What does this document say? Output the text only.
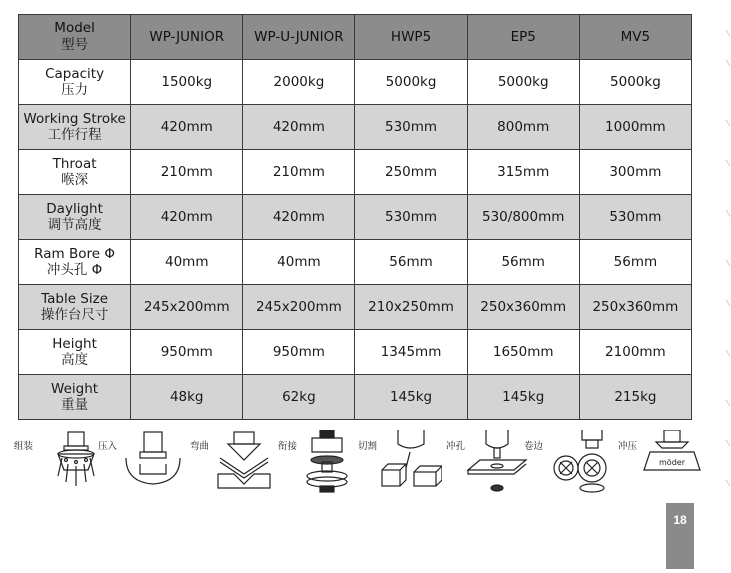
Model
型号	WP-JUNIOR	WP-U-JUNIOR	HWP5	EP5	MV5

Capacity
压力	1500kg	2000kg	5000kg	5000kg	5000kg

Working Stroke
工作行程	420mm	420mm	530mm	800mm	1000mm

Throat
喉深	210mm	210mm	250mm	315mm	300mm

Daylight
调节高度	420mm	420mm	530mm	530/800mm	530mm

Ram Bore Φ
冲头孔 Φ	40mm	40mm	56mm	56mm	56mm

Table Size
操作台尺寸	245x200mm	245x200mm	210x250mm	250x360mm	250x360mm

Height
高度	950mm	950mm	1345mm	1650mm	2100mm

Weight
重量	48kg	62kg	145kg	145kg	215kg
组装	压入	弯曲	衔接	切割	冲孔	卷边	冲压
möder
18
